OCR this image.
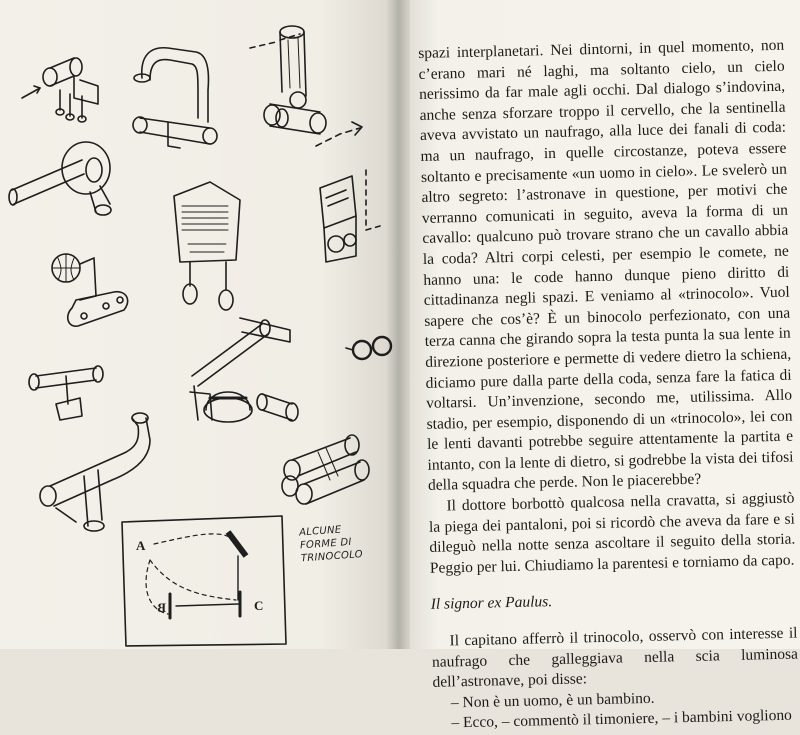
A
B	C
ALCUNE FORME DI TRINOCOLO

spazi interplanetari. Nei dintorni, in quel momento, non c’erano mari né laghi, ma soltanto cielo, un cielo nerissimo da far male agli occhi. Dal dialogo s’indovina, anche senza sforzare troppo il cervello, che la sentinella aveva avvistato un naufrago, alla luce dei fanali di coda: ma un naufrago, in quelle circostanze, poteva essere soltanto e precisamente «un uomo in cielo». Le svelerò un altro segreto: l’astronave in questione, per motivi che verranno comunicati in seguito, aveva la forma di un cavallo: qualcuno può trovare strano che un cavallo abbia la coda? Altri corpi celesti, per esempio le comete, ne hanno una: le code hanno dunque pieno diritto di cittadinanza negli spazi. E veniamo al «trinocolo». Vuol sapere che cos’è? È un binocolo perfezionato, con una terza canna che girando sopra la testa punta la sua lente in direzione posteriore e permette di vedere dietro la schiena, diciamo pure dalla parte della coda, senza fare la fatica di voltarsi. Un’invenzione, secondo me, utilissima. Allo stadio, per esempio, disponendo di un «trinocolo», lei con le lenti davanti potrebbe seguire attentamente la partita e intanto, con la lente di dietro, si godrebbe la vista dei tifosi della squadra che perde. Non le piacerebbe?

Il dottore borbottò qualcosa nella cravatta, si aggiustò la piega dei pantaloni, poi si ricordò che aveva da fare e si dileguò nella notte senza ascoltare il seguito della storia. Peggio per lui. Chiudiamo la parentesi e torniamo da capo.

Il signor ex Paulus.

Il capitano afferrò il trinocolo, osservò con interesse il naufrago che galleggiava nella scia luminosa dell’astronave, poi disse:

– Non è un uomo, è un bambino.

– Ecco, – commentò il timoniere, – i bambini vogliono
